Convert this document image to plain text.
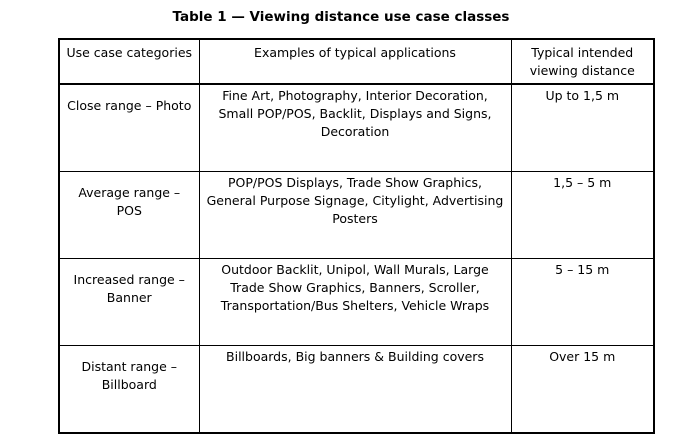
Table 1 — Viewing distance use case classes
Use case categories	Examples of typical applications	Typical intended viewing distance
Close range – Photo	Fine Art, Photography, Interior Decoration, Small POP/POS, Backlit, Displays and Signs, Decoration	Up to 1,5 m
Average range – POS	POP/POS Displays, Trade Show Graphics, General Purpose Signage, Citylight, Advertising Posters	1,5 – 5 m
Increased range – Banner	Outdoor Backlit, Unipol, Wall Murals, Large Trade Show Graphics, Banners, Scroller, Transportation/Bus Shelters, Vehicle Wraps	5 – 15 m
Distant range – Billboard	Billboards, Big banners & Building covers	Over 15 m
